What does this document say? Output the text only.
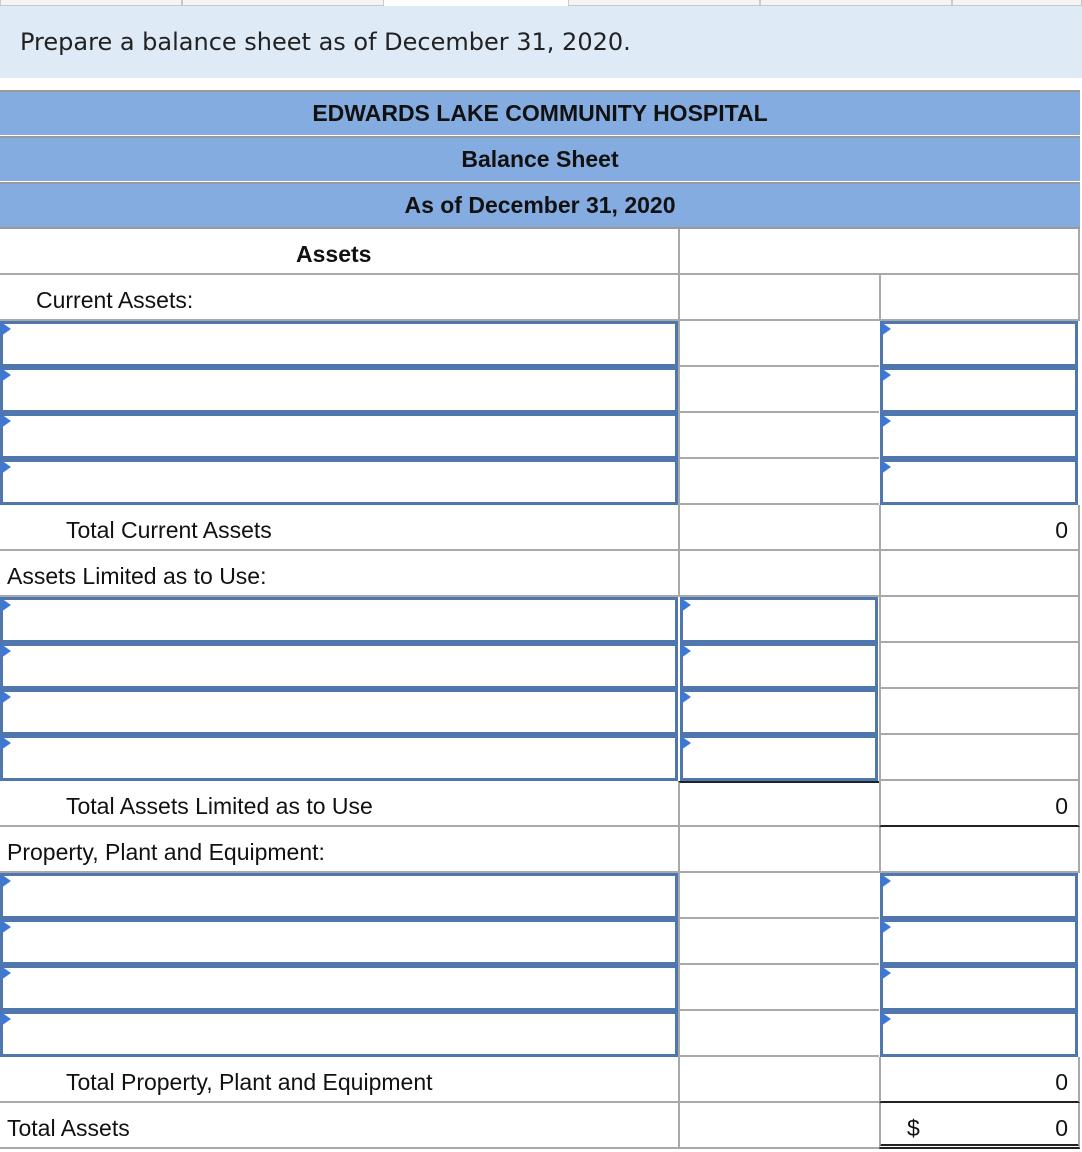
Prepare a balance sheet as of December 31, 2020.
EDWARDS LAKE COMMUNITY HOSPITAL
Balance Sheet
As of December 31, 2020
Assets
Current Assets:
Total Current Assets	0
Assets Limited as to Use:
Total Assets Limited as to Use	0
Property, Plant and Equipment:
Total Property, Plant and Equipment	0
Total Assets	$	0
